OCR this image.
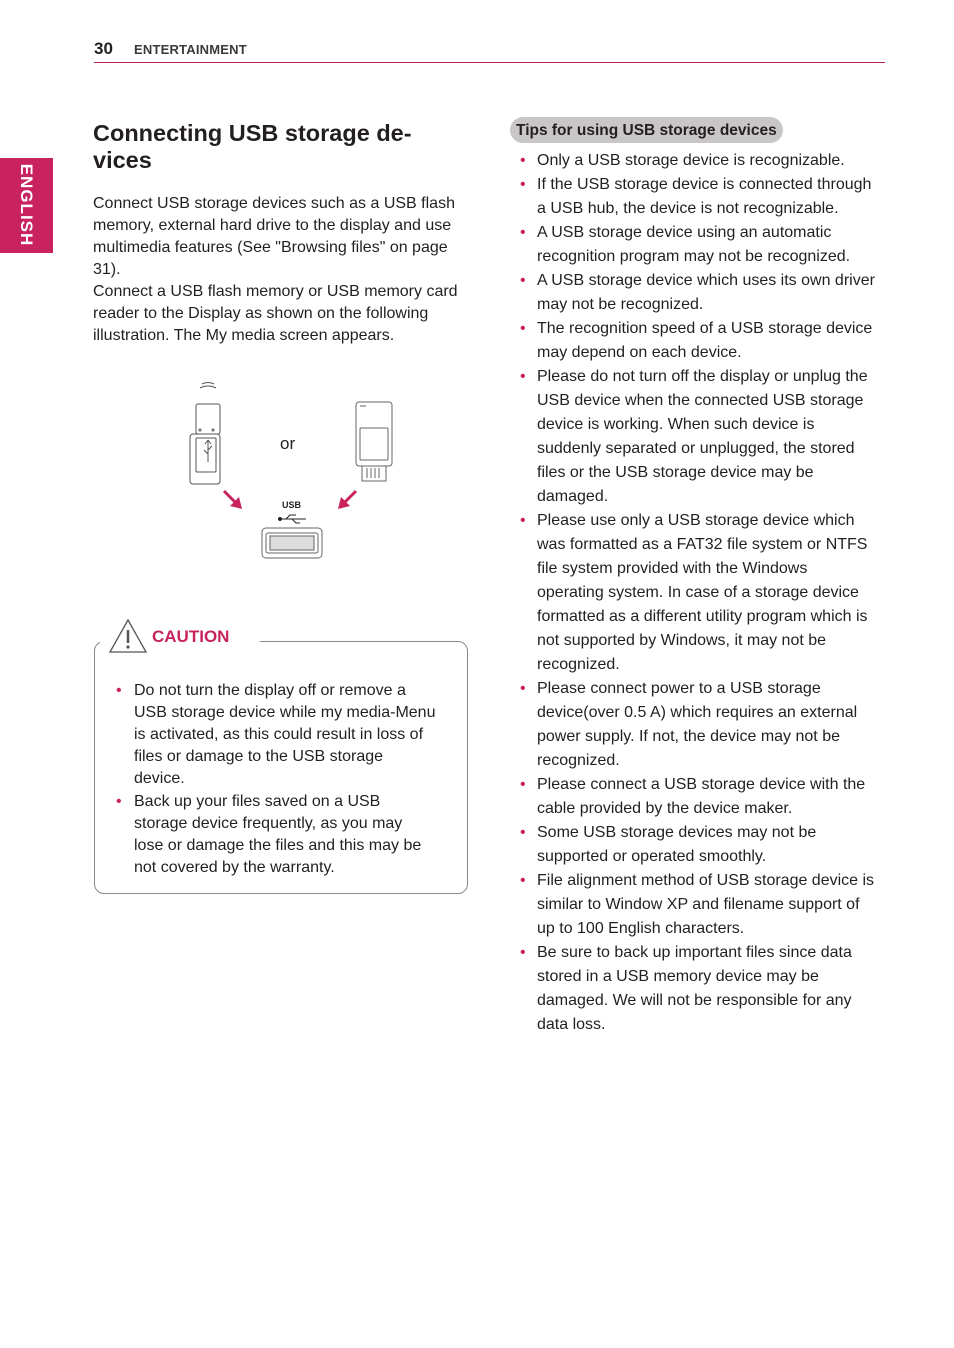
30 ENTERTAINMENT
ENGLISH
Connecting USB storage de-
vices

Connect USB storage devices such as a USB flash memory, external hard drive to the display and use multimedia features (See "Browsing files" on page 31).

Connect a USB flash memory or USB memory card reader to the Display as shown on the following illustration. The My media screen appears.

or
USB
CAUTION
• Do not turn the display off or remove a USB storage device while my media-Menu is activated, as this could result in loss of files or damage to the USB storage device.
• Back up your files saved on a USB storage device frequently, as you may lose or damage the files and this may be not covered by the warranty.
Tips for using USB storage devices
• Only a USB storage device is recognizable.
• If the USB storage device is connected through a USB hub, the device is not recognizable.
• A USB storage device using an automatic recognition program may not be recognized.
• A USB storage device which uses its own driver may not be recognized.
• The recognition speed of a USB storage device may depend on each device.
• Please do not turn off the display or unplug the USB device when the connected USB storage device is working. When such device is suddenly separated or unplugged, the stored files or the USB storage device may be damaged.
• Please use only a USB storage device which was formatted as a FAT32 file system or NTFS file system provided with the Windows operating system. In case of a storage device formatted as a different utility program which is not supported by Windows, it may not be recognized.
• Please connect power to a USB storage device(over 0.5 A) which requires an external power supply. If not, the device may not be recognized.
• Please connect a USB storage device with the cable provided by the device maker.
• Some USB storage devices may not be supported or operated smoothly.
• File alignment method of USB storage device is similar to Window XP and filename support of up to 100 English characters.
• Be sure to back up important files since data stored in a USB memory device may be damaged. We will not be responsible for any data loss.
